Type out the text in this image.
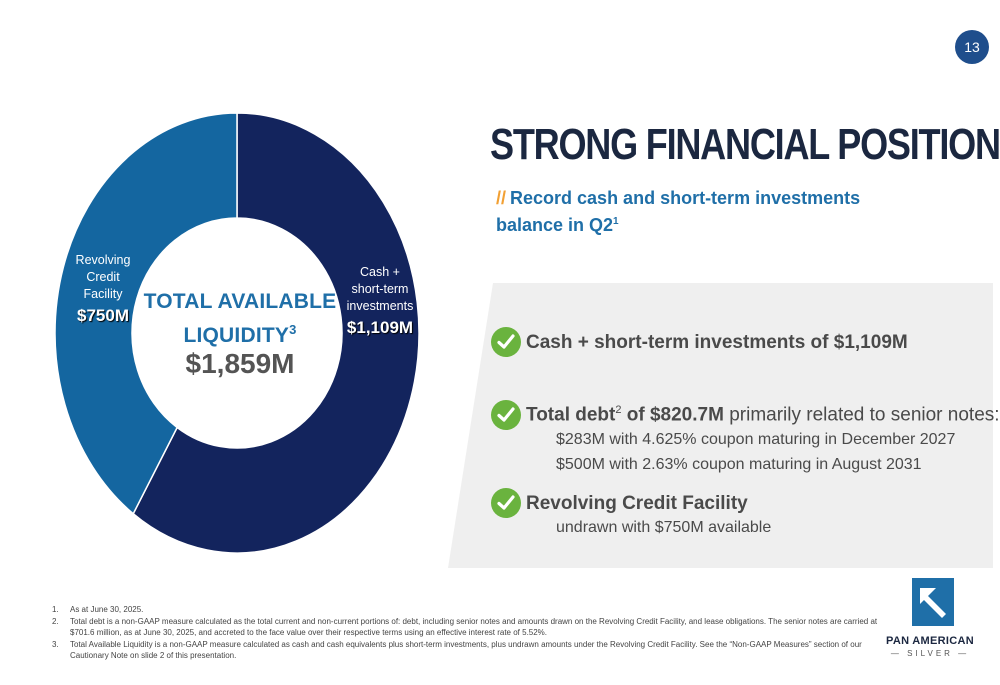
13
TOTAL AVAILABLE LIQUIDITY$^3$
$1,859M
Cash +
short-term
investments
$1,109M
Revolving
Credit
Facility
$750M
STRONG FINANCIAL POSITION
// Record cash and short-term investments balance in $Q2^1$
Cash + short-term investments of $1,109M
Total debt$^2$ of $820.7M primarily related to senior notes:
$283M with 4.625% coupon maturing in December 2027
$500M with 2.63% coupon maturing in August 2031
Revolving Credit Facility
undrawn with $750M available

1. As at June 30, 2025.

2. Total debt is a non-GAAP measure calculated as the total current and non-current portions of: debt, including senior notes and amounts drawn on the Revolving Credit Facility, and lease obligations. The senior notes are carried at $701.6 million, as at June 30, 2025, and accreted to the face value over their respective terms using an effective interest rate of 5.52%.

3. Total Available Liquidity is a non-GAAP measure calculated as cash and cash equivalents plus short-term investments, plus undrawn amounts under the Revolving Credit Facility. See the “Non-GAAP Measures” section of our Cautionary Note on slide 2 of this presentation.

PAN AMERICAN
— SILVER —
